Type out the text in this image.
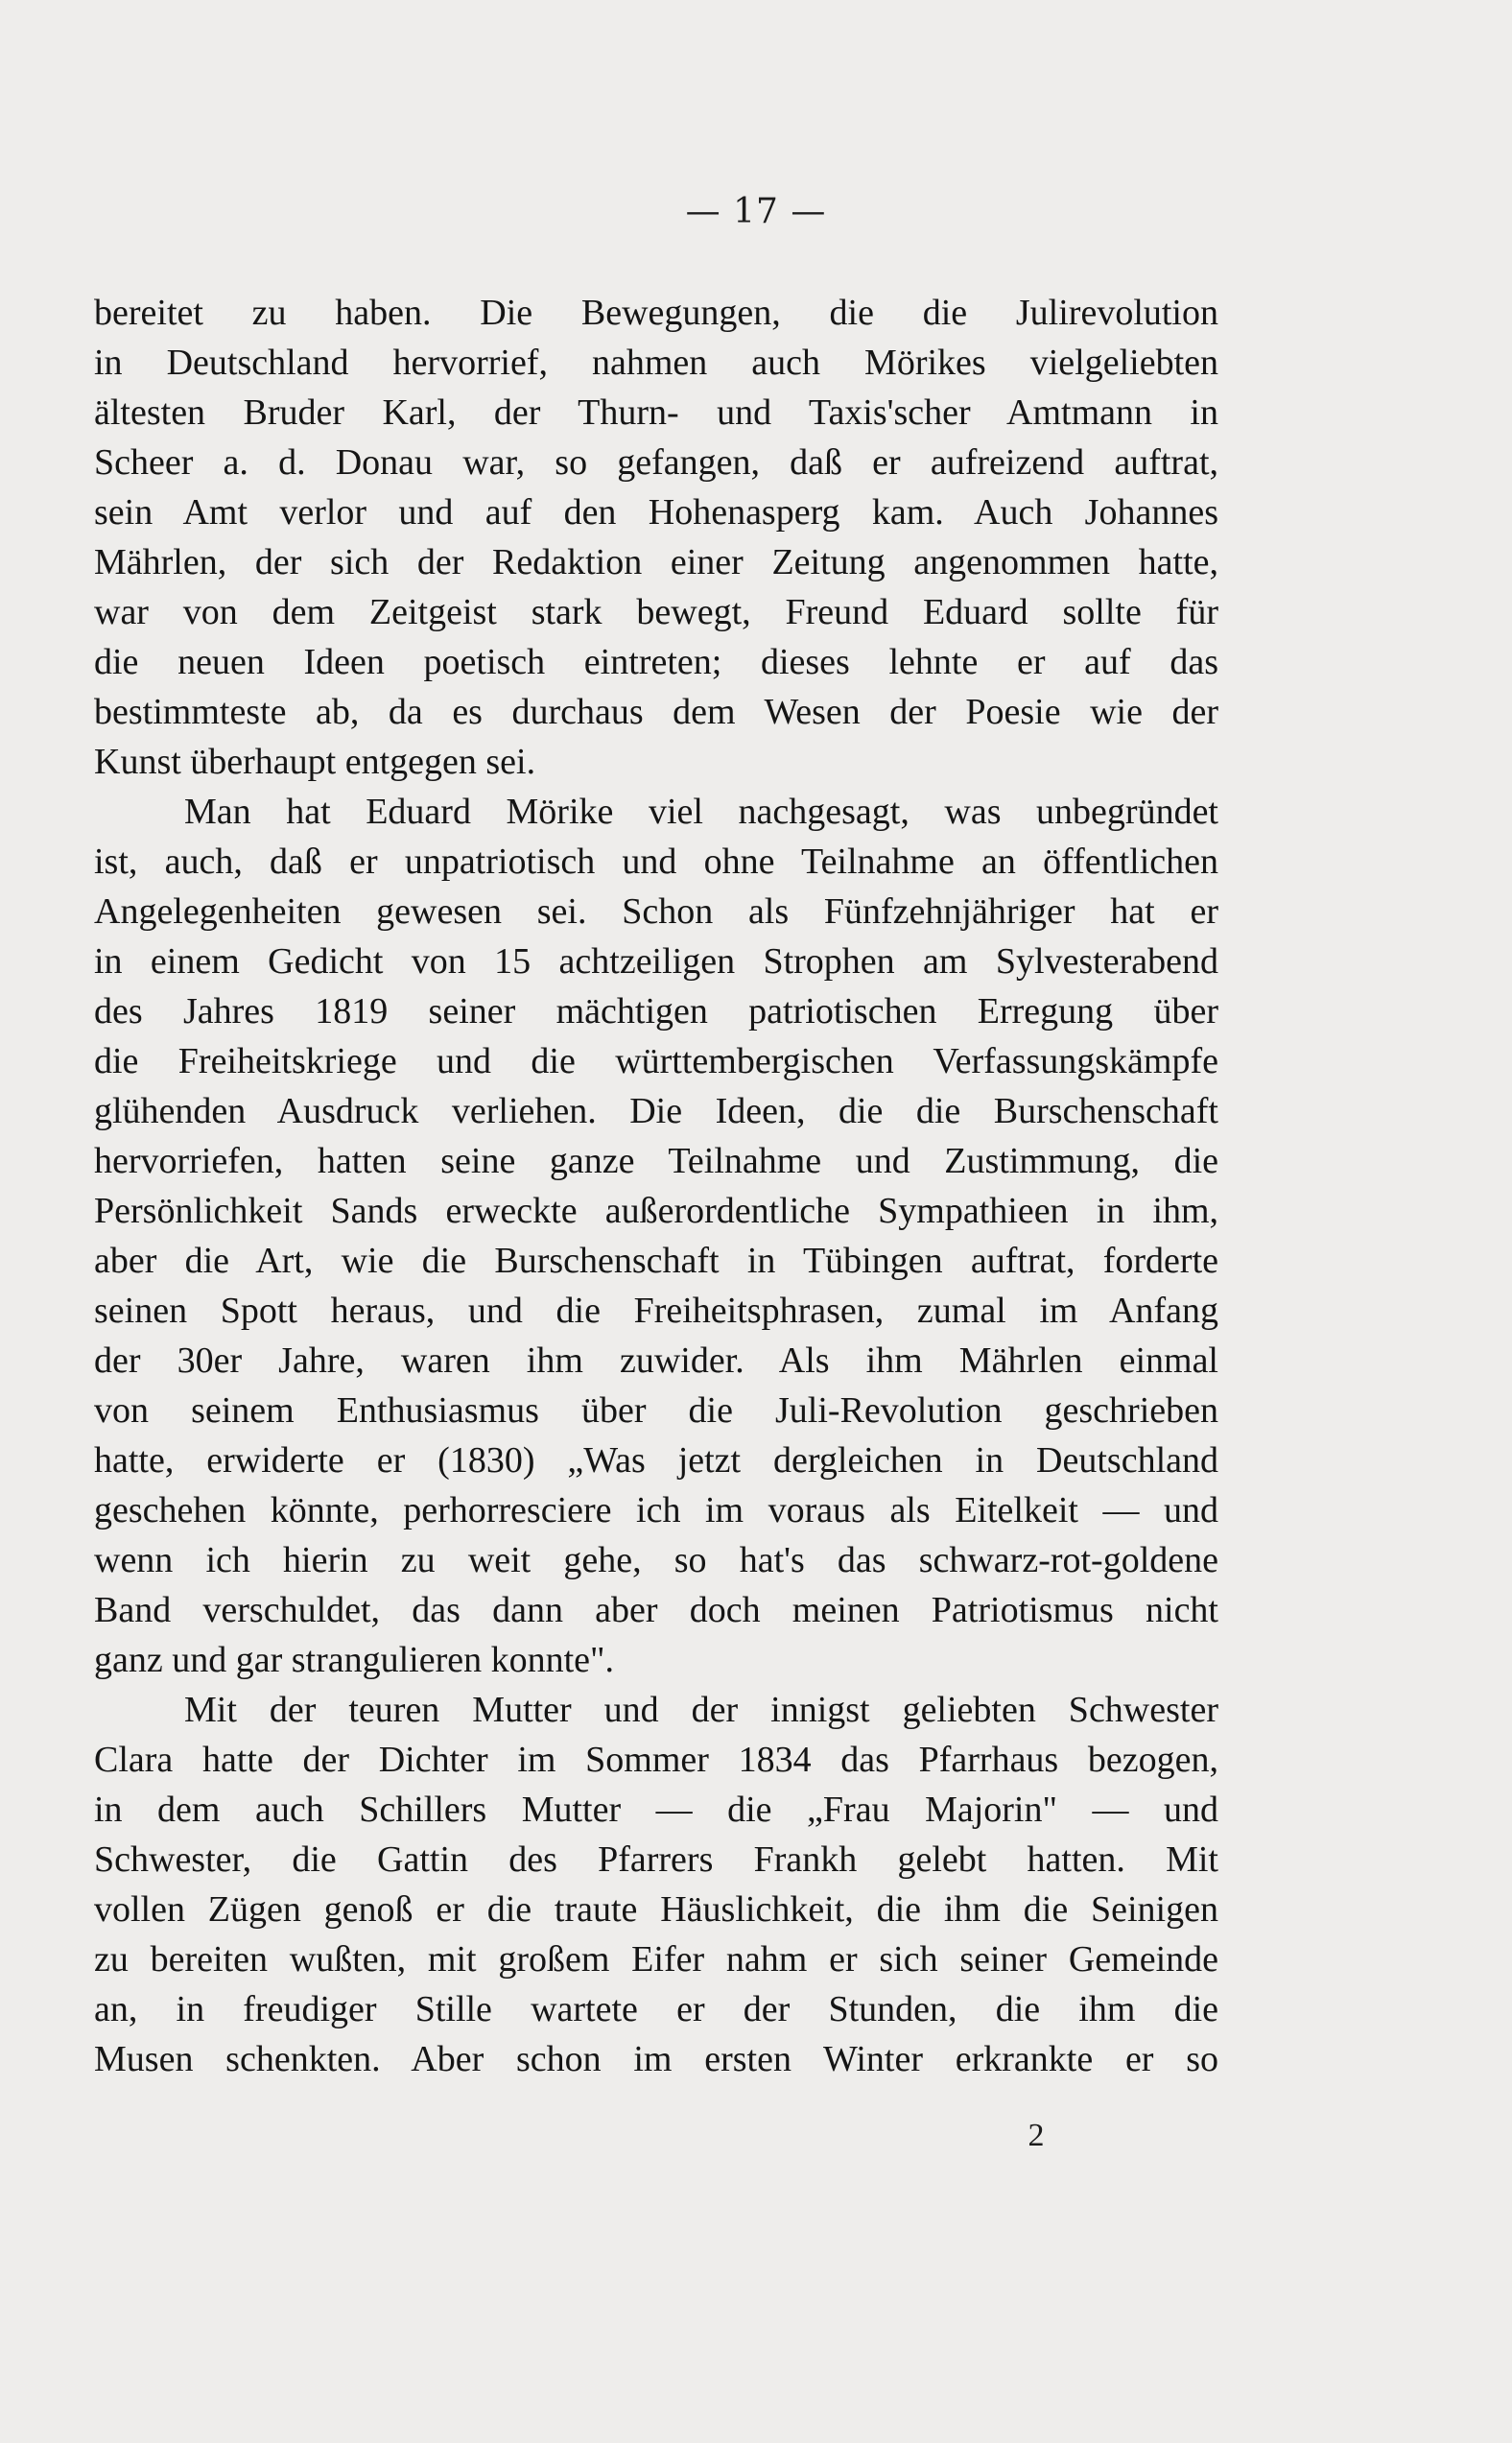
— 17 —
bereitet zu haben. Die Bewegungen, die die Julirevolution
in Deutschland hervorrief, nahmen auch Mörikes vielgeliebten
ältesten Bruder Karl, der Thurn- und Taxis'scher Amtmann in
Scheer a. d. Donau war, so gefangen, daß er aufreizend auftrat,
sein Amt verlor und auf den Hohenasperg kam. Auch Johannes
Mährlen, der sich der Redaktion einer Zeitung angenommen hatte,
war von dem Zeitgeist stark bewegt, Freund Eduard sollte für
die neuen Ideen poetisch eintreten; dieses lehnte er auf das
bestimmteste ab, da es durchaus dem Wesen der Poesie wie der
Kunst überhaupt entgegen sei.
Man hat Eduard Mörike viel nachgesagt, was unbegründet
ist, auch, daß er unpatriotisch und ohne Teilnahme an öffentlichen
Angelegenheiten gewesen sei. Schon als Fünfzehnjähriger hat er
in einem Gedicht von 15 achtzeiligen Strophen am Sylvesterabend
des Jahres 1819 seiner mächtigen patriotischen Erregung über
die Freiheitskriege und die württembergischen Verfassungskämpfe
glühenden Ausdruck verliehen. Die Ideen, die die Burschenschaft
hervorriefen, hatten seine ganze Teilnahme und Zustimmung, die
Persönlichkeit Sands erweckte außerordentliche Sympathieen in ihm,
aber die Art, wie die Burschenschaft in Tübingen auftrat, forderte
seinen Spott heraus, und die Freiheitsphrasen, zumal im Anfang
der 30er Jahre, waren ihm zuwider. Als ihm Mährlen einmal
von seinem Enthusiasmus über die Juli-Revolution geschrieben
hatte, erwiderte er (1830) „Was jetzt dergleichen in Deutschland
geschehen könnte, perhorresciere ich im voraus als Eitelkeit — und
wenn ich hierin zu weit gehe, so hat's das schwarz-rot-goldene
Band verschuldet, das dann aber doch meinen Patriotismus nicht
ganz und gar strangulieren konnte".
Mit der teuren Mutter und der innigst geliebten Schwester
Clara hatte der Dichter im Sommer 1834 das Pfarrhaus bezogen,
in dem auch Schillers Mutter — die „Frau Majorin" — und
Schwester, die Gattin des Pfarrers Frankh gelebt hatten. Mit
vollen Zügen genoß er die traute Häuslichkeit, die ihm die Seinigen
zu bereiten wußten, mit großem Eifer nahm er sich seiner Gemeinde
an, in freudiger Stille wartete er der Stunden, die ihm die
Musen schenkten. Aber schon im ersten Winter erkrankte er so
2
